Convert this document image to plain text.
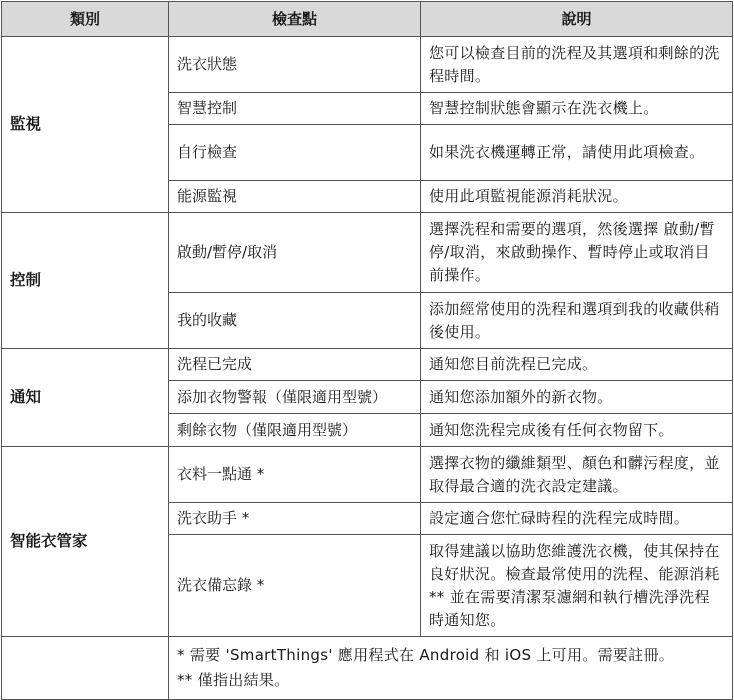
類別	檢查點	說明
監視	洗衣狀態	您可以檢查目前的洗程及其選項和剩餘的洗程時間。
	智慧控制	智慧控制狀態會顯示在洗衣機上。
	自行檢查	如果洗衣機運轉正常，請使用此項檢查。
	能源監視	使用此項監視能源消耗狀況。
控制	啟動/暫停/取消	選擇洗程和需要的選項，然後選擇 啟動/暫停/取消，來啟動操作、暫時停止或取消目前操作。
	我的收藏	添加經常使用的洗程和選項到我的收藏供稍後使用。
通知	洗程已完成	通知您目前洗程已完成。
	添加衣物警報（僅限適用型號）	通知您添加額外的新衣物。
	剩餘衣物（僅限適用型號）	通知您洗程完成後有任何衣物留下。
智能衣管家	衣料一點通 *	選擇衣物的纖維類型、顏色和髒污程度，並取得最合適的洗衣設定建議。
	洗衣助手 *	設定適合您忙碌時程的洗程完成時間。
	洗衣備忘錄 *	取得建議以協助您維護洗衣機，使其保持在良好狀況。檢查最常使用的洗程、能源消耗** 並在需要清潔泵濾網和執行槽洗淨洗程時通知您。

	* 需要 'SmartThings' 應用程式在 Android 和 iOS 上可用。需要註冊。
** 僅指出結果。	
